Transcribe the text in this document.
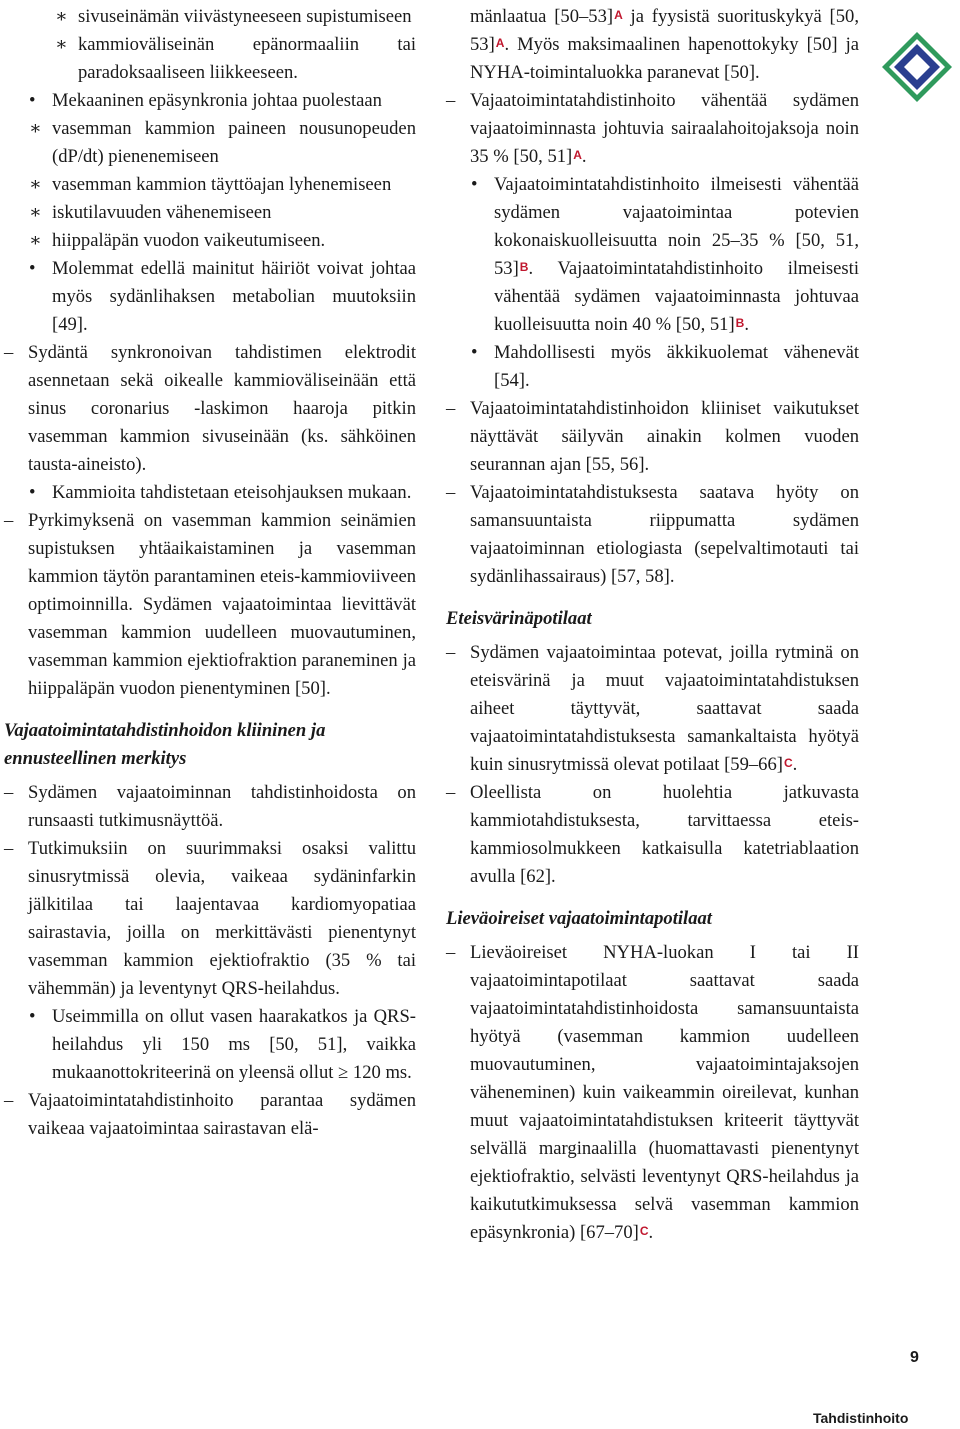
∗ sivuseinämän viivästyneeseen supistumiseen
∗ kammioväliseinän epänormaaliin tai paradoksaaliseen liikkeeseen.
• Mekaaninen epäsynkronia johtaa puolestaan
∗ vasemman kammion paineen nousunopeuden (dP/dt) pienenemiseen
∗ vasemman kammion täyttöajan lyhenemiseen
∗ iskutilavuuden vähenemiseen
∗ hiippaläpän vuodon vaikeutumiseen.
• Molemmat edellä mainitut häiriöt voivat johtaa myös sydänlihaksen metabolian muutoksiin [49].
– Sydäntä synkronoivan tahdistimen elektrodit asennetaan sekä oikealle kammioväliseinään että sinus coronarius -laskimon haaroja pitkin vasemman kammion sivuseinään (ks. sähköinen tausta-aineisto).
• Kammioita tahdistetaan eteisohjauksen mukaan.
– Pyrkimyksenä on vasemman kammion seinämien supistuksen yhtäaikaistaminen ja vasemman kammion täytön parantaminen eteis-kammioviiveen optimoinnilla. Sydämen vajaatoimintaa lievittävät vasemman kammion uudelleen muovautuminen, vasemman kammion ejektiofraktion paraneminen ja hiippaläpän vuodon pienentyminen [50].
Vajaatoimintatahdistinhoidon kliininen ja ennusteellinen merkitys
– Sydämen vajaatoiminnan tahdistinhoidosta on runsaasti tutkimusnäyttöä.
– Tutkimuksiin on suurimmaksi osaksi valittu sinusrytmissä olevia, vaikeaa sydäninfarkin jälkitilaa tai laajentavaa kardiomyopatiaa sairastavia, joilla on merkittävästi pienentynyt vasemman kammion ejektiofraktio (35 % tai vähemmän) ja leventynyt QRS-heilahdus.
• Useimmilla on ollut vasen haarakatkos ja QRS-heilahdus yli 150 ms [50, 51], vaikka mukaanottokriteerinä on yleensä ollut ≥ 120 ms.
– Vajaatoimintatahdistinhoito parantaa sydämen vaikeaa vajaatoimintaa sairastavan elä-
mänlaatua $[50-53]^A$ ja fyysistä suorituskykyä [50, 53]$^A$. Myös maksimaalinen hapenottokyky [50] ja NYHA-toimintaluokka paranevat [50].
– Vajaatoimintatahdistinhoito vähentää sydämen vajaatoiminnasta johtuvia sairaalahoitojaksoja noin 35 % [50, 51]$^A$.
• Vajaatoimintatahdistinhoito ilmeisesti vähentää sydämen vajaatoimintaa potevien kokonaiskuolleisuutta noin 25–35 % [50, 51, 53]$^B$. Vajaatoimintatahdistinhoito ilmeisesti vähentää sydämen vajaatoiminnasta johtuvaa kuolleisuutta noin 40 % [50, 51]$^B$.
• Mahdollisesti myös äkkikuolemat vähenevät [54].
– Vajaatoimintatahdistinhoidon kliiniset vaikutukset näyttävät säilyvän ainakin kolmen vuoden seurannan ajan [55, 56].
– Vajaatoimintatahdistuksesta saatava hyöty on samansuuntaista riippumatta sydämen vajaatoiminnan etiologiasta (sepelvaltimotauti tai sydänlihassairaus) [57, 58].
Eteisvärinäpotilaat
– Sydämen vajaatoimintaa potevat, joilla rytminä on eteisvärinä ja muut vajaatoimintatahdistuksen aiheet täyttyvät, saattavat saada vajaatoimintatahdistuksesta samankaltaista hyötyä kuin sinusrytmissä olevat potilaat $[59-66]^C$.
– Oleellista on huolehtia jatkuvasta kammiotahdistuksesta, tarvittaessa eteis-kammiosolmukkeen katkaisulla katetriablaation avulla [62].
Lieväoireiset vajaatoimintapotilaat
– Lieväoireiset NYHA-luokan I tai II vajaatoimintapotilaat saattavat saada vajaatoimintatahdistinhoidosta samansuuntaista hyötyä (vasemman kammion uudelleen muovautuminen, vajaatoimintajaksojen väheneminen) kuin vaikeammin oireilevat, kunhan muut vajaatoimintatahdistuksen kriteerit täyttyvät selvällä marginaalilla (huomattavasti pienentynyt ejektiofraktio, selvästi leventynyt QRS-heilahdus ja kaikututkimuksessa selvä vasemman kammion epäsynkronia) $[67-70]^C$.
9
Tahdistinhoito
